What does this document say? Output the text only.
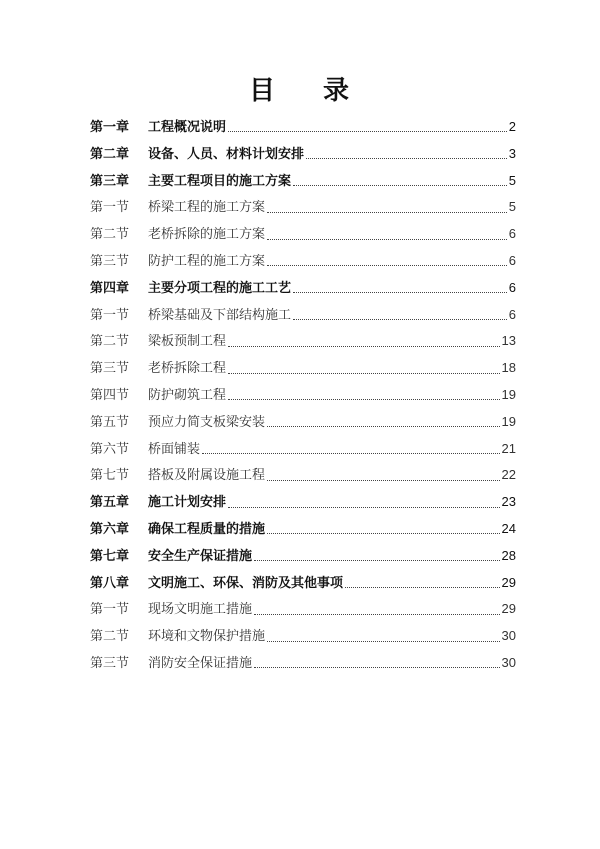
目 录
第一章	工程概况说明	2
第二章	设备、人员、材料计划安排	3
第三章	主要工程项目的施工方案	5
第一节	桥梁工程的施工方案	5
第二节	老桥拆除的施工方案	6
第三节	防护工程的施工方案	6
第四章	主要分项工程的施工工艺	6
第一节	桥梁基础及下部结构施工	6
第二节	梁板预制工程	13
第三节	老桥拆除工程	18
第四节	防护砌筑工程	19
第五节	预应力简支板梁安装	19
第六节	桥面铺装	21
第七节	搭板及附属设施工程	22
第五章	施工计划安排	23
第六章	确保工程质量的措施	24
第七章	安全生产保证措施	28
第八章	文明施工、环保、消防及其他事项	29
第一节	现场文明施工措施	29
第二节	环境和文物保护措施	30
第三节	消防安全保证措施	30
